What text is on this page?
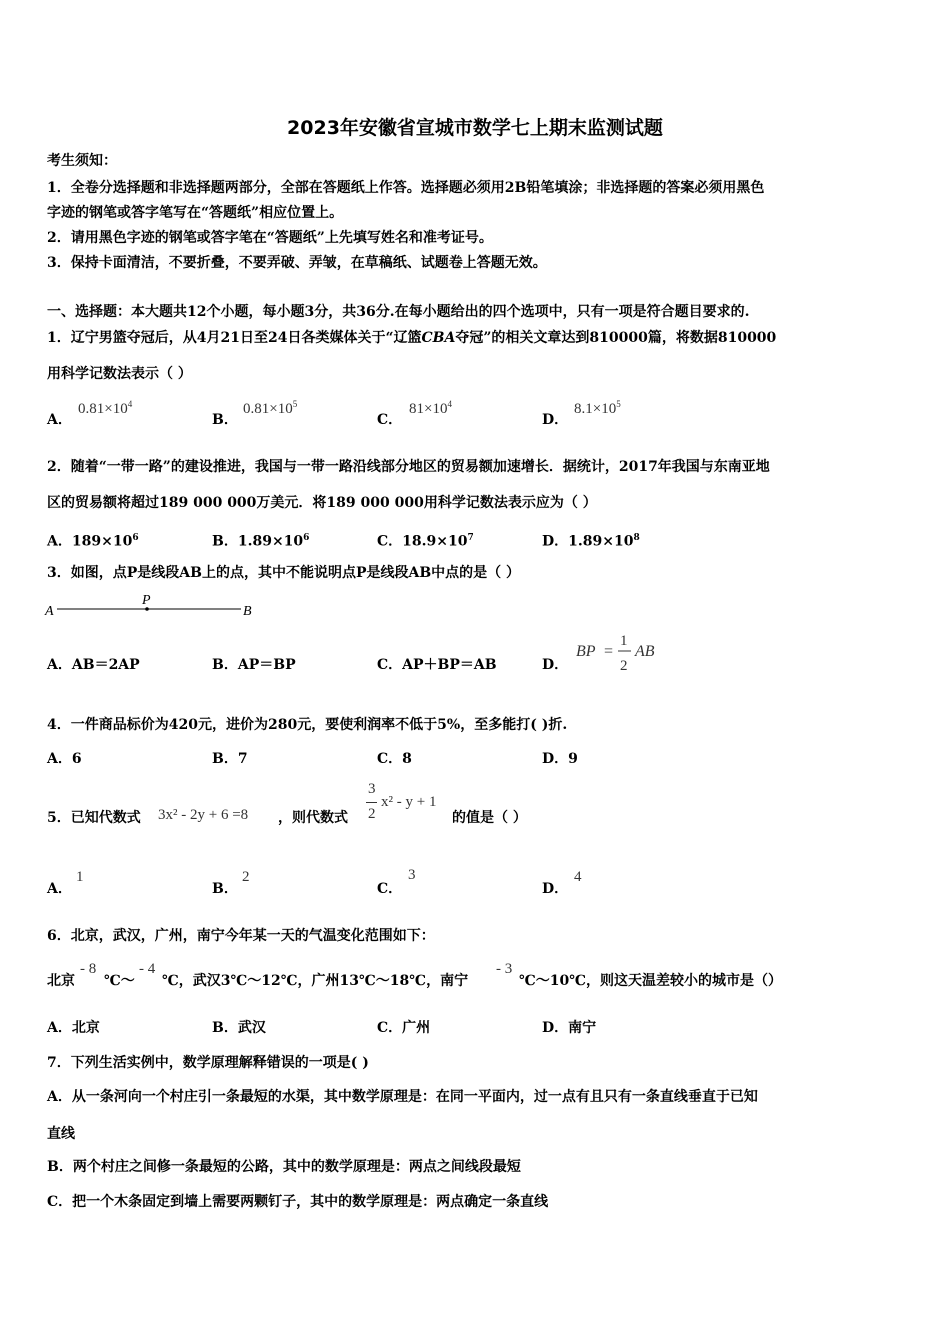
2023年安徽省宣城市数学七上期末监测试题
考生须知：
1．全卷分选择题和非选择题两部分，全部在答题纸上作答。选择题必须用2B铅笔填涂；非选择题的答案必须用黑色
字迹的钢笔或答字笔写在“答题纸”相应位置上。
2．请用黑色字迹的钢笔或答字笔在“答题纸”上先填写姓名和准考证号。
3．保持卡面清洁，不要折叠，不要弄破、弄皱，在草稿纸、试题卷上答题无效。
一、选择题：本大题共12个小题，每小题3分，共36分.在每小题给出的四个选项中，只有一项是符合题目要求的.
1．辽宁男篮夺冠后，从4月21日至24日各类媒体关于“辽篮CBA夺冠”的相关文章达到810000篇，将数据810000
用科学记数法表示（ ）
A．
$0.81\times 10^4$
B．
$0.81\times 10^5$
C．
$81\times 10^4$
D．
$8.1\times 10^5$
2．随着“一带一路”的建设推进，我国与一带一路沿线部分地区的贸易额加速增长．据统计，2017年我国与东南亚地
区的贸易额将超过189 000 000万美元．将189 000 000用科学记数法表示应为（ ）
A．$189\times 10^6$	B．$1.89\times 10^6$	C．$18.9\times 10^7$	D．$1.89\times 10^8$
3．如图，点P是线段AB上的点，其中不能说明点P是线段AB中点的是（ ）
A
P
B
A．AB＝2AP	B．AP＝BP	C．AP＋BP＝AB	D．
BP =
1
2
AB
4．一件商品标价为420元，进价为280元，要使利润率不低于5%，至多能打( )折.
A．6	B．7	C．8	D．9
5．已知代数式 3x² - 2y + 6 =8 ，则代数式
3
2
x² - y + 1
的值是（ ）
A．
1
B．
2
C．
3
D．
4
6．北京，武汉，广州，南宁今年某一天的气温变化范围如下：
北京
- 8
℃～
- 4
℃，武汉3℃～12℃，广州13℃～18℃，南宁
- 3
℃～10℃，则这天温差较小的城市是（）
A．北京	B．武汉	C．广州	D．南宁
7．下列生活实例中，数学原理解释错误的一项是( )
A．从一条河向一个村庄引一条最短的水渠，其中数学原理是：在同一平面内，过一点有且只有一条直线垂直于已知
直线
B．两个村庄之间修一条最短的公路，其中的数学原理是：两点之间线段最短
C．把一个木条固定到墙上需要两颗钉子，其中的数学原理是：两点确定一条直线
